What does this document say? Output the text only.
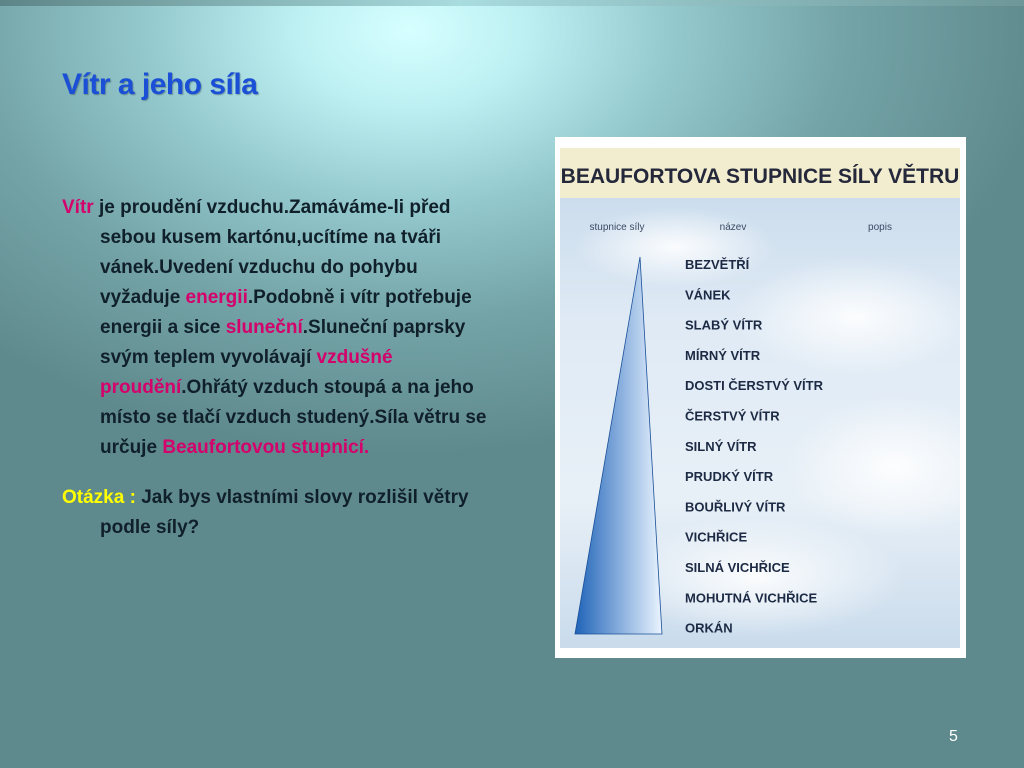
Vítr a jeho síla

Vítr je proudění vzduchu.Zamáváme-li před sebou kusem kartónu,ucítíme na tváři vánek.Uvedení vzduchu do pohybu vyžaduje energii.Podobně i vítr potřebuje energii a sice sluneční.Sluneční paprsky svým teplem vyvolávají vzdušné proudění.Ohřátý vzduch stoupá a na jeho místo se tlačí vzduch studený.Síla větru se určuje Beaufortovou stupnicí.

Otázka : Jak bys vlastními slovy rozlišil větry podle síly?

BEAUFORTOVA STUPNICE SÍLY VĚTRU
stupnice síly	název	popis
BEZVĚTŘÍ
VÁNEK
SLABÝ VÍTR
MÍRNÝ VÍTR
DOSTI ČERSTVÝ VÍTR
ČERSTVÝ VÍTR
SILNÝ VÍTR
PRUDKÝ VÍTR
BOUŘLIVÝ VÍTR
VICHŘICE
SILNÁ VICHŘICE
MOHUTNÁ VICHŘICE
ORKÁN
5
